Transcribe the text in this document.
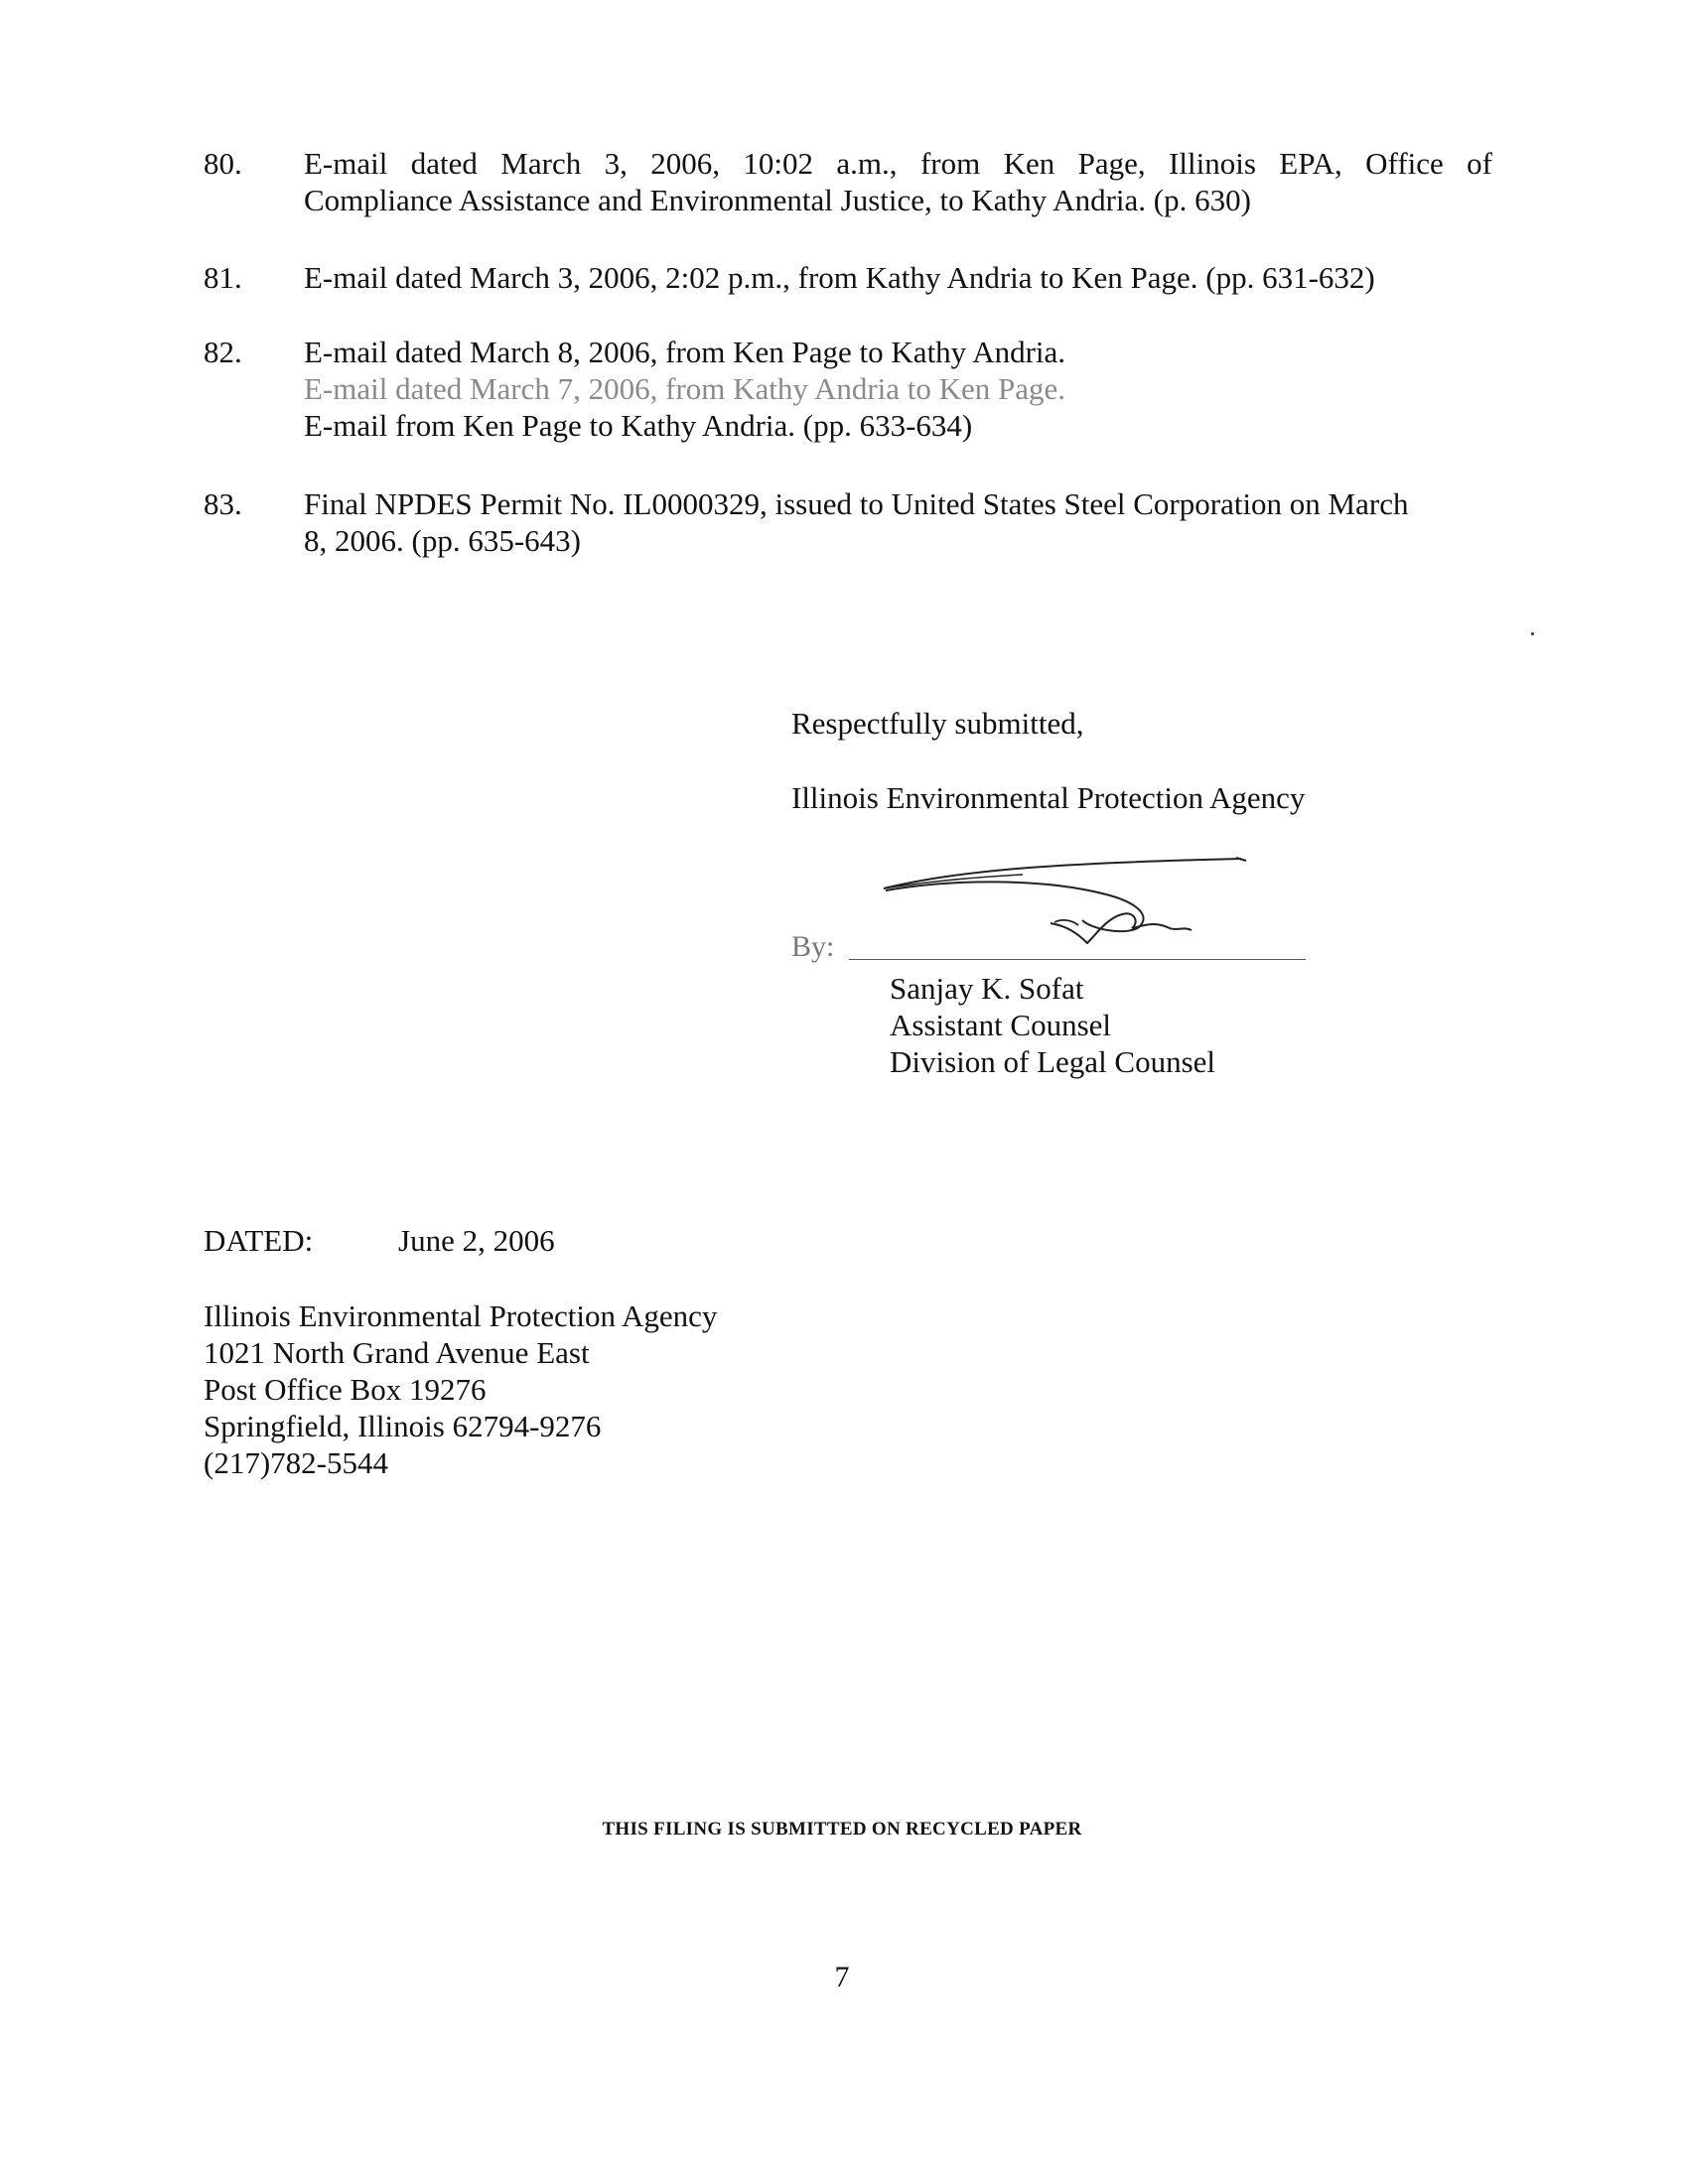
80. E-mail dated March 3, 2006, 10:02 a.m., from Ken Page, Illinois EPA, Office of
Compliance Assistance and Environmental Justice, to Kathy Andria. (p. 630)
81. E-mail dated March 3, 2006, 2:02 p.m., from Kathy Andria to Ken Page. (pp. 631-632)
82. E-mail dated March 8, 2006, from Ken Page to Kathy Andria.
E-mail dated March 7, 2006, from Kathy Andria to Ken Page.
E-mail from Ken Page to Kathy Andria. (pp. 633-634)
83. Final NPDES Permit No. IL0000329, issued to United States Steel Corporation on March
8, 2006. (pp. 635-643)
Respectfully submitted,
Illinois Environmental Protection Agency
By:
Sanjay K. Sofat
Assistant Counsel
Division of Legal Counsel
DATED:	June 2, 2006
Illinois Environmental Protection Agency
1021 North Grand Avenue East
Post Office Box 19276
Springfield, Illinois 62794-9276
(217)782-5544
THIS FILING IS SUBMITTED ON RECYCLED PAPER
7
